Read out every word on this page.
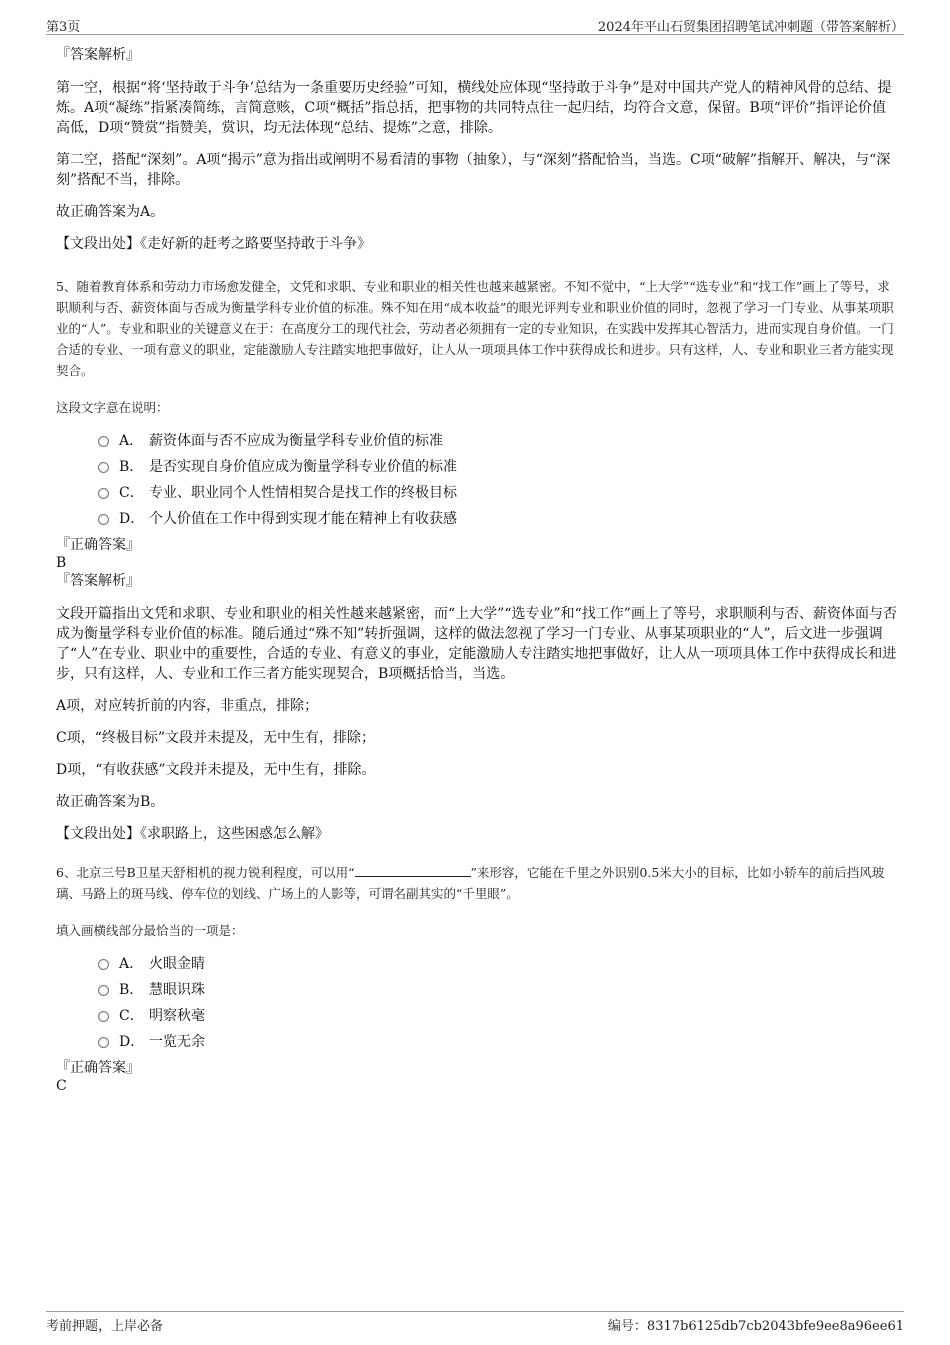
第3页	2024年平山石贸集团招聘笔试冲刺题（带答案解析）

『答案解析』

第一空，根据“将‘坚持敢于斗争’总结为一条重要历史经验”可知，横线处应体现“坚持敢于斗争”是对中国共产党人的精神风骨的总结、提炼。A项“凝练”指紧凑简练，言简意赅，C项“概括”指总括，把事物的共同特点往一起归结，均符合文意，保留。B项“评价”指评论价值高低，D项“赞赏”指赞美，赏识，均无法体现“总结、提炼”之意，排除。

第二空，搭配“深刻”。A项“揭示”意为指出或阐明不易看清的事物（抽象），与“深刻”搭配恰当，当选。C项“破解”指解开、解决，与“深刻”搭配不当，排除。

故正确答案为A。

【文段出处】《走好新的赶考之路要坚持敢于斗争》

5、随着教育体系和劳动力市场愈发健全，文凭和求职、专业和职业的相关性也越来越紧密。不知不觉中，“上大学”“选专业”和“找工作”画上了等号，求职顺利与否、薪资体面与否成为衡量学科专业价值的标准。殊不知在用“成本收益”的眼光评判专业和职业价值的同时，忽视了学习一门专业、从事某项职业的“人”。专业和职业的关键意义在于：在高度分工的现代社会，劳动者必须拥有一定的专业知识，在实践中发挥其心智活力，进而实现自身价值。一门合适的专业、一项有意义的职业，定能激励人专注踏实地把事做好，让人从一项项具体工作中获得成长和进步。只有这样，人、专业和职业三者方能实现契合。

这段文字意在说明：

A． 薪资体面与否不应成为衡量学科专业价值的标准
B． 是否实现自身价值应成为衡量学科专业价值的标准
C． 专业、职业同个人性情相契合是找工作的终极目标
D． 个人价值在工作中得到实现才能在精神上有收获感

『正确答案』

B

『答案解析』

文段开篇指出文凭和求职、专业和职业的相关性越来越紧密，而“上大学”“选专业”和“找工作”画上了等号，求职顺利与否、薪资体面与否成为衡量学科专业价值的标准。随后通过“殊不知”转折强调，这样的做法忽视了学习一门专业、从事某项职业的“人”，后文进一步强调了“人”在专业、职业中的重要性，合适的专业、有意义的事业，定能激励人专注踏实地把事做好，让人从一项项具体工作中获得成长和进步，只有这样，人、专业和工作三者方能实现契合，B项概括恰当，当选。

A项，对应转折前的内容，非重点，排除；

C项，“终极目标”文段并未提及，无中生有，排除；

D项，“有收获感”文段并未提及，无中生有，排除。

故正确答案为B。

【文段出处】《求职路上，这些困惑怎么解》

6、北京三号B卫星天舒相机的视力锐利程度，可以用“	”来形容，它能在千里之外识别0.5米大小的目标，比如小轿车的前后挡风玻璃、马路上的斑马线、停车位的划线、广场上的人影等，可谓名副其实的“千里眼”。

填入画横线部分最恰当的一项是：

A． 火眼金睛
B． 慧眼识珠
C． 明察秋毫
D． 一览无余

『正确答案』

C

考前押题，上岸必备	编号：8317b6125db7cb2043bfe9ee8a96ee61
